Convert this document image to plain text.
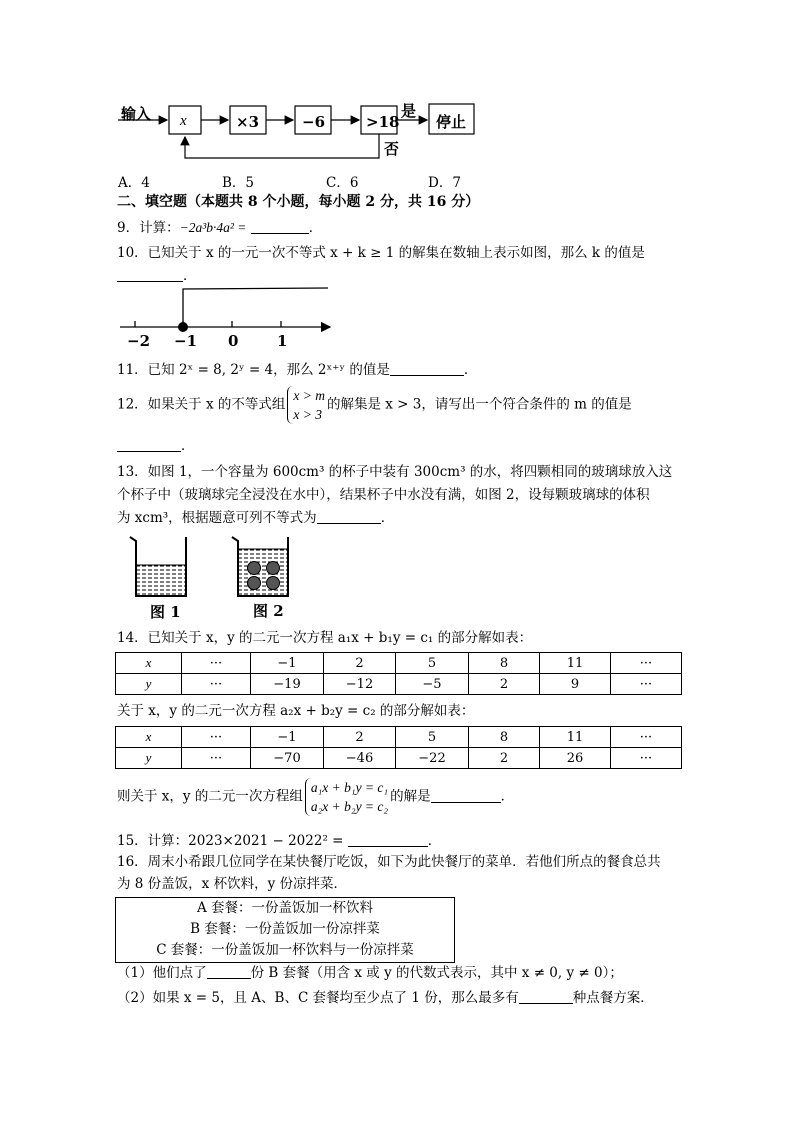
输入 x	×3	−6	>18
是
停止
否
A．4	B．5	C．6	D．7
二、填空题（本题共 8 个小题，每小题 2 分，共 16 分）
9．计算：−2a³b·4a² =	．
10．已知关于 x 的一元一次不等式 x + k ≥ 1 的解集在数轴上表示如图，那么 k 的值是
．
−2 −1 0	1
11．已知 2ˣ = 8, 2ʸ = 4，那么 2ˣ⁺ʸ 的值是	．
12．如果关于 x 的不等式组
x > m
x > 3
的解集是 x > 3，请写出一个符合条件的 m 的值是
．
13．如图 1，一个容量为 600cm³ 的杯子中装有 300cm³ 的水，将四颗相同的玻璃球放入这
个杯子中（玻璃球完全浸没在水中），结果杯子中水没有满，如图 2，设每颗玻璃球的体积
为 xcm³，根据题意可列不等式为	．
图 1	图 2
14．已知关于 x，y 的二元一次方程 a₁x + b₁y = c₁ 的部分解如表：
x	···	−1	2	5	8	11	···
y	···	−19	−12	−5	2	9	···
关于 x，y 的二元一次方程 a₂x + b₂y = c₂ 的部分解如表：
x	···	−1	2	5	8	11	···
y	···	−70	−46	−22	2	26	···
则关于 x，y 的二元一次方程组
a₁x + b₁y = c₁
a₂x + b₂y = c₂
的解是	．
15．计算：2023×2021 − 2022² =	．
16．周末小希跟几位同学在某快餐厅吃饭，如下为此快餐厅的菜单．若他们所点的餐食总共
为 8 份盖饭，x 杯饮料，y 份凉拌菜．
A 套餐：一份盖饭加一杯饮料
B 套餐：一份盖饭加一份凉拌菜
C 套餐：一份盖饭加一杯饮料与一份凉拌菜
（1）他们点了	份 B 套餐（用含 x 或 y 的代数式表示，其中 x ≠ 0, y ≠ 0）；
（2）如果 x = 5，且 A、B、C 套餐均至少点了 1 份，那么最多有	种点餐方案．
